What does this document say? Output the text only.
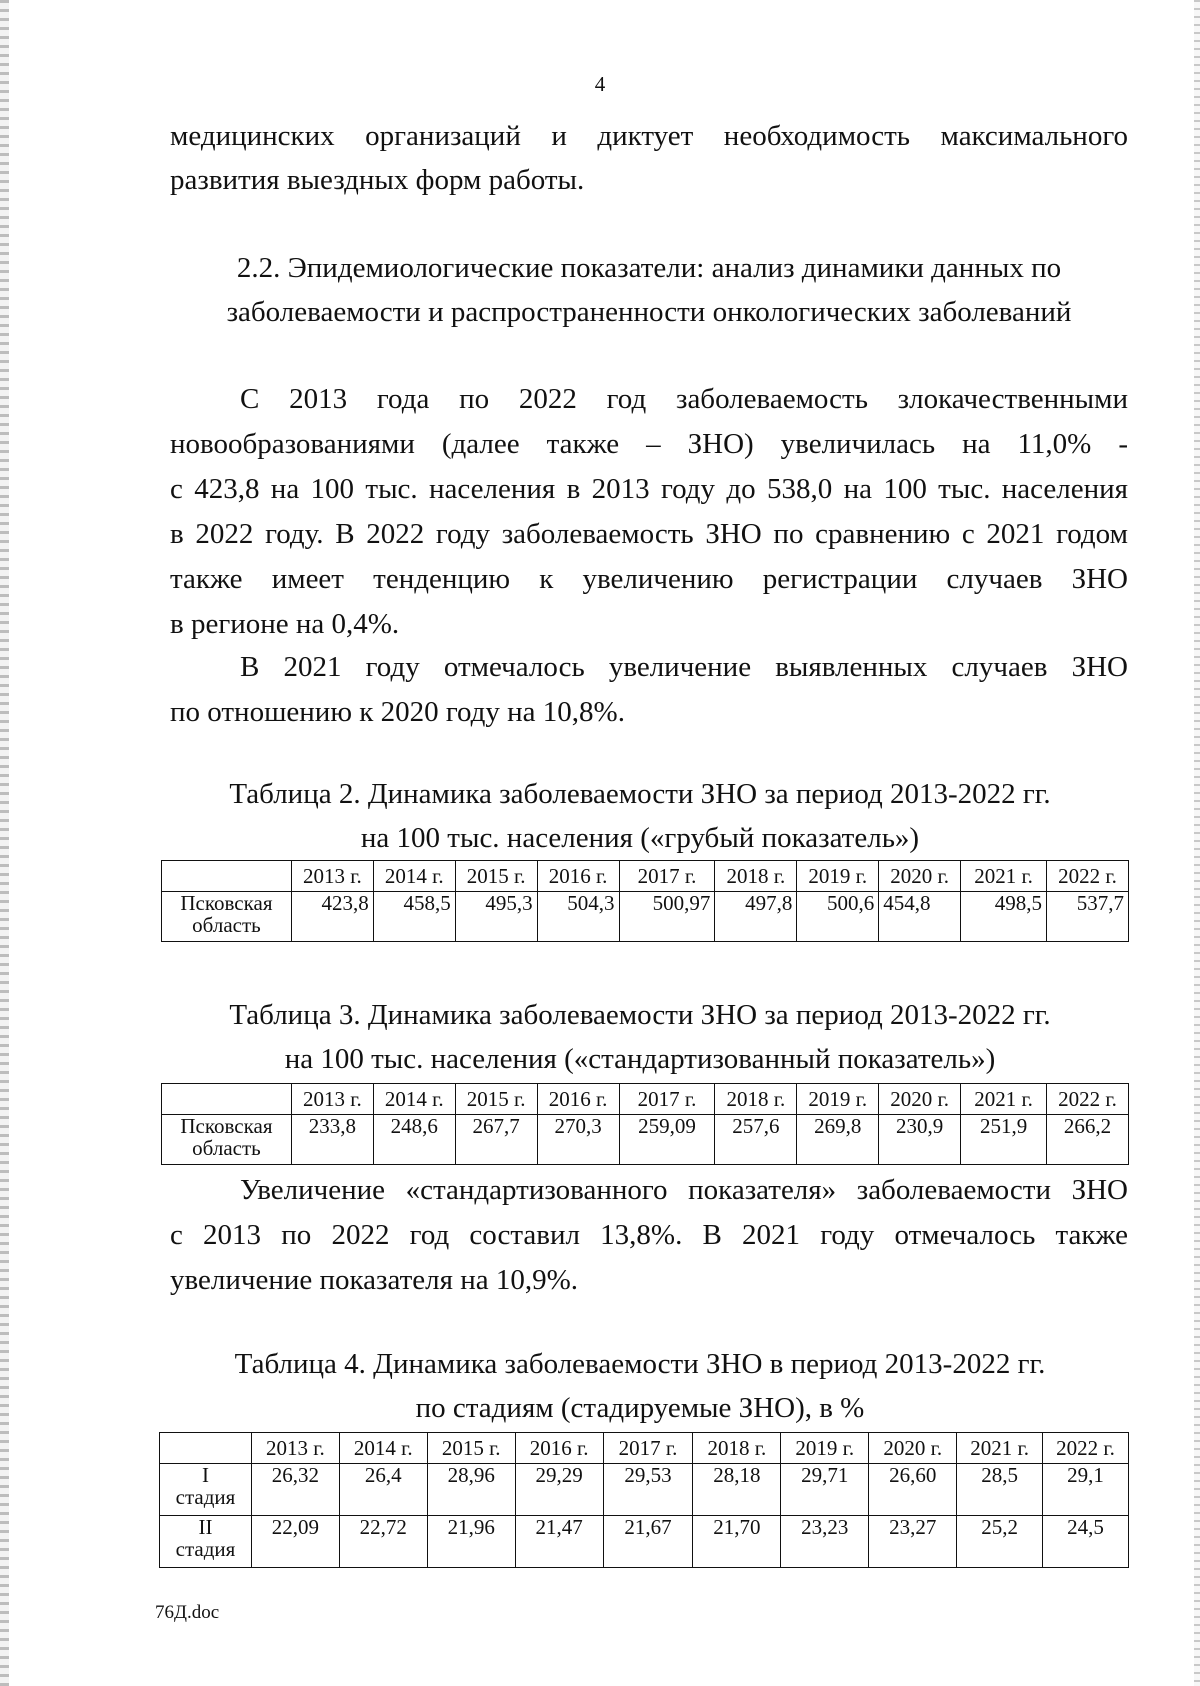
4

медицинских организаций и диктует необходимость максимального

развития выездных форм работы.

2.2. Эпидемиологические показатели: анализ динамики данных по

заболеваемости и распространенности онкологических заболеваний

С 2013 года по 2022 год заболеваемость злокачественными

новообразованиями (далее также – ЗНО) увеличилась на 11,0% -

с 423,8 на 100 тыс. населения в 2013 году до 538,0 на 100 тыс. населения

в 2022 году. В 2022 году заболеваемость ЗНО по сравнению с 2021 годом

также имеет тенденцию к увеличению регистрации случаев ЗНО

в регионе на 0,4%.

В 2021 году отмечалось увеличение выявленных случаев ЗНО

по отношению к 2020 году на 10,8%.

Таблица 2. Динамика заболеваемости ЗНО за период 2013-2022 гг.

на 100 тыс. населения («грубый показатель»)

	2013 г.	2014 г.	2015 г.	2016 г.	2017 г.	2018 г.	2019 г.	2020 г.	2021 г.	2022 г.
Псковская
область	423,8	458,5	495,3	504,3	500,97	497,8	500,6	454,8	498,5	537,7

Таблица 3. Динамика заболеваемости ЗНО за период 2013-2022 гг.

на 100 тыс. населения («стандартизованный показатель»)

	2013 г.	2014 г.	2015 г.	2016 г.	2017 г.	2018 г.	2019 г.	2020 г.	2021 г.	2022 г.
Псковская
область	233,8	248,6	267,7	270,3	259,09	257,6	269,8	230,9	251,9	266,2

Увеличение «стандартизованного показателя» заболеваемости ЗНО

с 2013 по 2022 год составил 13,8%. В 2021 году отмечалось также

увеличение показателя на 10,9%.

Таблица 4. Динамика заболеваемости ЗНО в период 2013-2022 гг.

по стадиям (стадируемые ЗНО), в %

	2013 г.	2014 г.	2015 г.	2016 г.	2017 г.	2018 г.	2019 г.	2020 г.	2021 г.	2022 г.
I
стадия	26,32	26,4	28,96	29,29	29,53	28,18	29,71	26,60	28,5	29,1
II
стадия	22,09	22,72	21,96	21,47	21,67	21,70	23,23	23,27	25,2	24,5
76Д.doc
